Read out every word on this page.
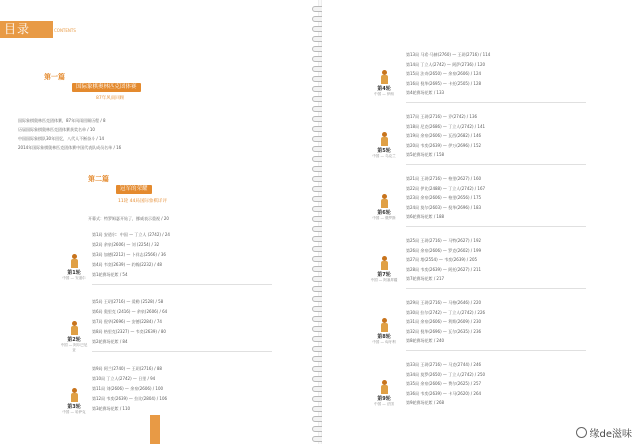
目录	CONTENTS
第一篇
国际象棋奥林匹克团体赛
87年风雨回顾
国际象棋奥林匹克团体赛，87年风雨回顾历程 / 8
历届国际象棋奥林匹克团体赛获奖名单 / 10
中国国际象棋队30年回忆，八代人不断奋斗 / 14
2014年国际象棋奥林匹克团体赛中国代表队成员名单 / 16
第二篇
冠军的荣耀
11轮 44局国际象棋详评
开幕式：特罗姆瑟开始了，挪威表示重视 / 20
第1轮
中国 — 安道尔
第1局 安道尔：中国 — 丁立人 (2742) / 24
第2局 余泉(2606) — 刘 (2254) / 32
第3局 加德(2212) — 卜祥志(2566) / 36
第4局 韦奕(2639) — 约翰(2232) / 48
第1轮赛场花絮 / 54
第2轮
中国 — 阿尔巴尼亚
第5局 王玥(2716) — 爱勒 (2528) / 58
第6局 奥里克 (2416) — 余泉(2606) / 64
第7局 倪华(2696) — 安德(2284) / 74
第8局 格里克(2327) — 韦奕(2639) / 80
第2轮赛场花絮 / 84
第3轮
中国 — 哈萨克
第9局 阿兰(2740) — 王玥(2716) / 88
第10局 丁立人(2742) — 日里 / 94
第11局 刘(2606) — 余泉(2606) / 100
第12局 韦奕(2639) — 拉比(2804) / 106
第3轮赛场花絮 / 110
第4轮
中国 — 伊朗
第13局 马希·马赫(2760) — 王玥(2716) / 114
第14局 丁立人(2742) — 阿萨(2736) / 120
第15局 法奇(2650) — 余泉(2606) / 124
第16局 倪华(2695) — 卡托(2505) / 128
第4轮赛场花絮 / 133
第5轮
中国 — 乌克兰
第17局 王玥(2716) — 乔(2742) / 136
第18局 尼克(2686) — 丁立人(2742) / 141
第19局 余泉(2606) — 瓦西(2682) / 146
第20局 韦奕(2639) — 伊万(2696) / 152
第5轮赛场花絮 / 158
第6轮
中国 — 俄罗斯
第21局 王玥(2716) — 格里(2627) / 160
第22局 伊比(2488) — 丁立人(2742) / 167
第23局 余泉(2606) — 格里(2656) / 175
第24局 莫尔(2603) — 倪华(2696) / 183
第6轮赛场花絮 / 188
第7轮
中国 — 阿塞拜疆
第25局 王玥(2716) — 马特(2627) / 192
第26局 余泉(2606) — 罗克(2602) / 199
第27局 塔(2554) — 韦奕(2639) / 205
第28局 韦奕(2639) — 阿托(2627) / 211
第7轮赛场花絮 / 217
第8轮
中国 — 匈牙利
第29局 王玥(2716) — 马格(2646) / 220
第30局 拉尔(2742) — 丁立人(2742) / 226
第31局 余泉(2606) — 利斯(2609) / 230
第32局 倪华(2696) — 瓦尔(2635) / 236
第8轮赛场花絮 / 240
第9轮
中国 — 法国
第33局 王玥(2716) — 马克(2744) / 246
第34局 莫罗(2650) — 丁立人(2742) / 250
第35局 余泉(2606) — 费尔(2625) / 257
第36局 韦奕(2639) — 卡马(2620) / 264
第9轮赛场花絮 / 268
缘de滋味
